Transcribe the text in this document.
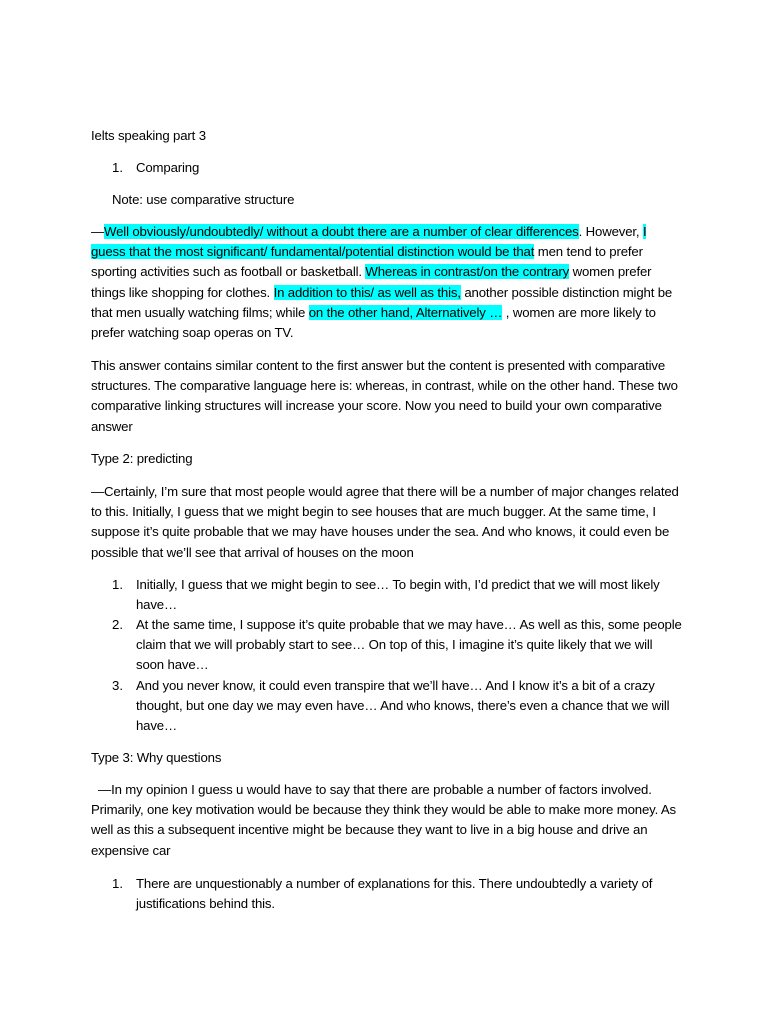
Ielts speaking part 3
1. Comparing
Note: use comparative structure
—Well obviously/undoubtedly/ without a doubt there are a number of clear differences. However, I
guess that the most significant/ fundamental/potential distinction would be that men tend to prefer
sporting activities such as football or basketball. Whereas in contrast/on the contrary women prefer
things like shopping for clothes. In addition to this/ as well as this, another possible distinction might be
that men usually watching films; while on the other hand, Alternatively … , women are more likely to
prefer watching soap operas on TV.
This answer contains similar content to the first answer but the content is presented with comparative
structures. The comparative language here is: whereas, in contrast, while on the other hand. These two
comparative linking structures will increase your score. Now you need to build your own comparative
answer
Type 2: predicting
—Certainly, I’m sure that most people would agree that there will be a number of major changes related
to this. Initially, I guess that we might begin to see houses that are much bugger. At the same time, I
suppose it’s quite probable that we may have houses under the sea. And who knows, it could even be
possible that we’ll see that arrival of houses on the moon
1. Initially, I guess that we might begin to see… To begin with, I’d predict that we will most likely
have…
2. At the same time, I suppose it’s quite probable that we may have… As well as this, some people
claim that we will probably start to see… On top of this, I imagine it’s quite likely that we will
soon have…
3. And you never know, it could even transpire that we’ll have… And I know it’s a bit of a crazy
thought, but one day we may even have… And who knows, there’s even a chance that we will
have…
Type 3: Why questions
—In my opinion I guess u would have to say that there are probable a number of factors involved.
Primarily, one key motivation would be because they think they would be able to make more money. As
well as this a subsequent incentive might be because they want to live in a big house and drive an
expensive car
1. There are unquestionably a number of explanations for this. There undoubtedly a variety of
justifications behind this.
